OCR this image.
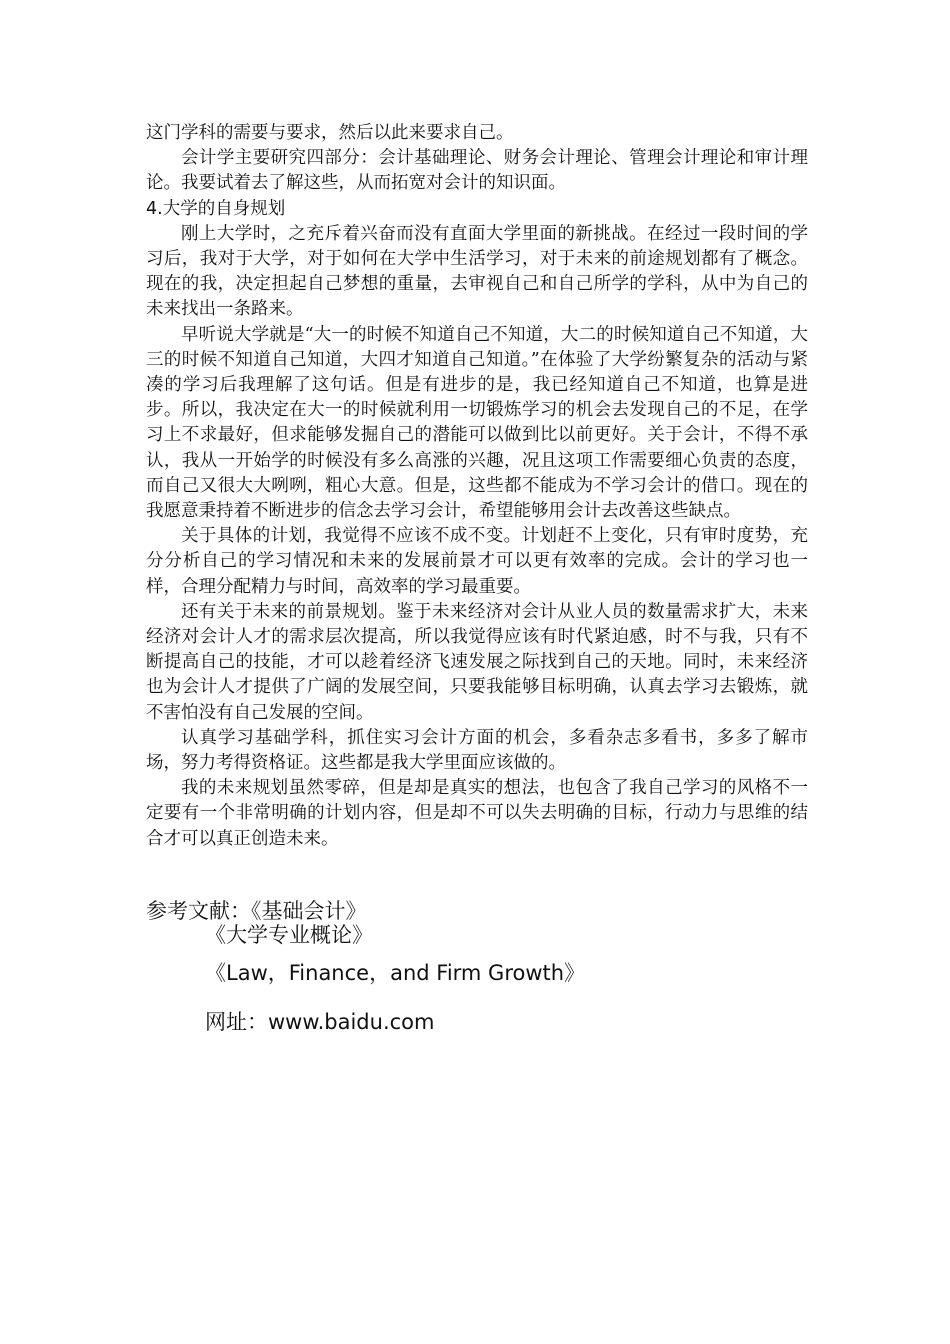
这门学科的需要与要求，然后以此来要求自己。

会计学主要研究四部分：会计基础理论、财务会计理论、管理会计理论和审计理论。我要试着去了解这些，从而拓宽对会计的知识面。

4.大学的自身规划

刚上大学时，之充斥着兴奋而没有直面大学里面的新挑战。在经过一段时间的学习后，我对于大学，对于如何在大学中生活学习，对于未来的前途规划都有了概念。现在的我，决定担起自己梦想的重量，去审视自己和自己所学的学科，从中为自己的未来找出一条路来。

早听说大学就是“大一的时候不知道自己不知道，大二的时候知道自己不知道，大三的时候不知道自己知道，大四才知道自己知道。”在体验了大学纷繁复杂的活动与紧凑的学习后我理解了这句话。但是有进步的是，我已经知道自己不知道，也算是进步。所以，我决定在大一的时候就利用一切锻炼学习的机会去发现自己的不足，在学习上不求最好，但求能够发掘自己的潜能可以做到比以前更好。关于会计，不得不承认，我从一开始学的时候没有多么高涨的兴趣，况且这项工作需要细心负责的态度，而自己又很大大咧咧，粗心大意。但是，这些都不能成为不学习会计的借口。现在的我愿意秉持着不断进步的信念去学习会计，希望能够用会计去改善这些缺点。

关于具体的计划，我觉得不应该不成不变。计划赶不上变化，只有审时度势，充分分析自己的学习情况和未来的发展前景才可以更有效率的完成。会计的学习也一样，合理分配精力与时间，高效率的学习最重要。

还有关于未来的前景规划。鉴于未来经济对会计从业人员的数量需求扩大，未来经济对会计人才的需求层次提高，所以我觉得应该有时代紧迫感，时不与我，只有不断提高自己的技能，才可以趁着经济飞速发展之际找到自己的天地。同时，未来经济也为会计人才提供了广阔的发展空间，只要我能够目标明确，认真去学习去锻炼，就不害怕没有自己发展的空间。

认真学习基础学科，抓住实习会计方面的机会，多看杂志多看书，多多了解市场，努力考得资格证。这些都是我大学里面应该做的。

我的未来规划虽然零碎，但是却是真实的想法，也包含了我自己学习的风格不一定要有一个非常明确的计划内容，但是却不可以失去明确的目标，行动力与思维的结合才可以真正创造未来。

参考文献：《基础会计》
《大学专业概论》
《Law，Finance，and Firm Growth》
网址：www.baidu.com
